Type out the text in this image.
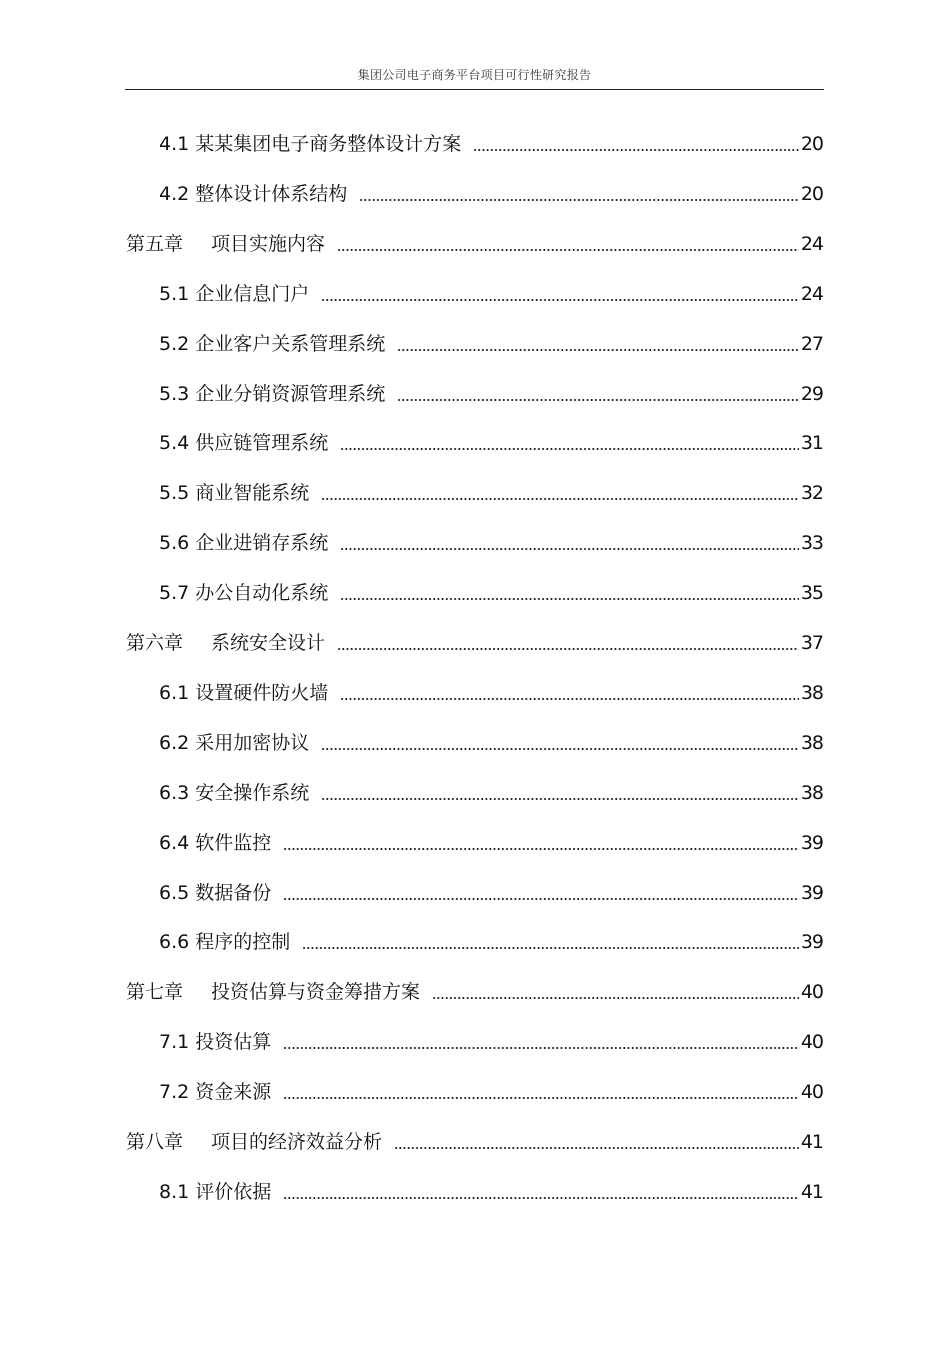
集团公司电子商务平台项目可行性研究报告
4.1 某某集团电子商务整体设计方案	20
4.2 整体设计体系结构	20
第五章 项目实施内容	24
5.1 企业信息门户	24
5.2 企业客户关系管理系统	27
5.3 企业分销资源管理系统	29
5.4 供应链管理系统	31
5.5 商业智能系统	32
5.6 企业进销存系统	33
5.7 办公自动化系统	35
第六章 系统安全设计	37
6.1 设置硬件防火墙	38
6.2 采用加密协议	38
6.3 安全操作系统	38
6.4 软件监控	39
6.5 数据备份	39
6.6 程序的控制	39
第七章 投资估算与资金筹措方案	40
7.1 投资估算	40
7.2 资金来源	40
第八章 项目的经济效益分析	41
8.1 评价依据	41
